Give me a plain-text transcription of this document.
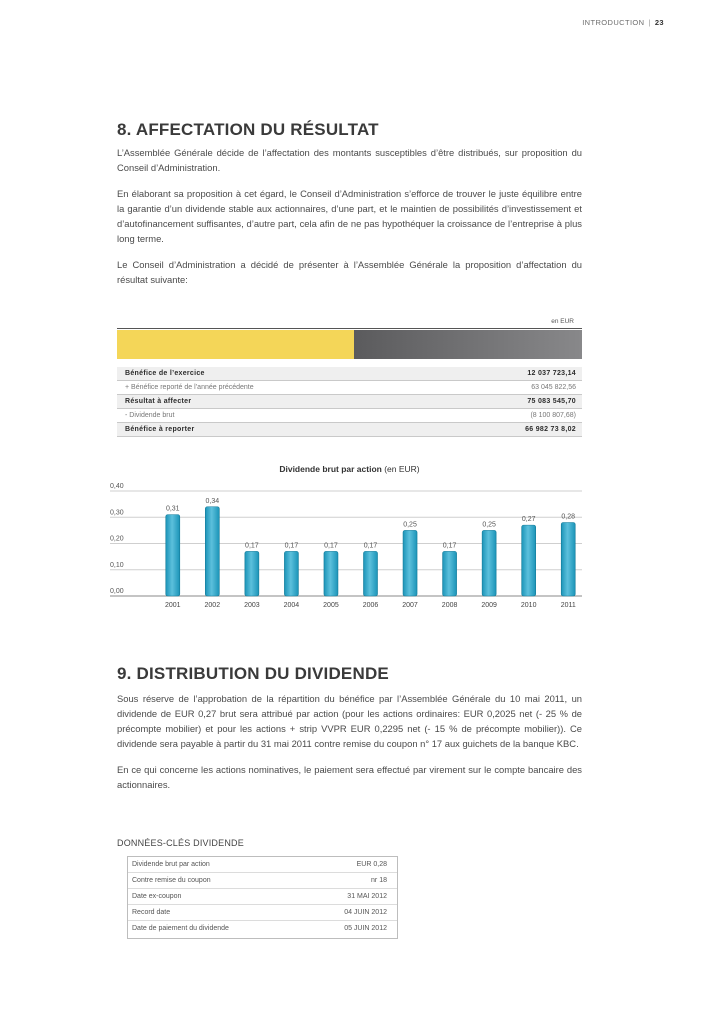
INTRODUCTION | 23
8. AFFECTATION DU RÉSULTAT

L’Assemblée Générale décide de l’affectation des montants susceptibles d’être distribués, sur proposition du Conseil d’Administration.

En élaborant sa proposition à cet égard, le Conseil d’Administration s’efforce de trouver le juste équilibre entre la garantie d’un dividende stable aux actionnaires, d’une part, et le maintien de possibilités d’investissement et d’autofinancement suffisantes, d’autre part, cela afin de ne pas hypothéquer la croissance de l’entreprise à plus long terme.

Le Conseil d’Administration a décidé de présenter à l’Assemblée Générale la proposition d’affectation du résultat suivante:

en EUR
Bénéfice de l’exercice	12 037 723,14
+ Bénéfice reporté de l’année précédente	63 045 822,56
Résultat à affecter	75 083 545,70
- Dividende brut	(8 100 807,68)
Bénéfice à reporter	66 982 73 8,02
Dividende brut par action (en EUR)
0,00
0,10
0,20
0,30
0,40
0,31
2001
0,34
2002
0,17
2003
0,17
2004
0,17
2005
0,17
2006
0,25
2007
0,17
2008
0,25
2009
0,27
2010
0,28
2011
9. DISTRIBUTION DU DIVIDENDE

Sous réserve de l’approbation de la répartition du bénéfice par l’Assemblée Générale du 10 mai 2011, un dividende de EUR 0,27 brut sera attribué par action (pour les actions ordinaires: EUR 0,2025 net (- 25 % de précompte mobilier) et pour les actions + strip VVPR EUR 0,2295 net (- 15 % de précompte mobilier)). Ce dividende sera payable à partir du 31 mai 2011 contre remise du coupon n° 17 aux guichets de la banque KBC.

En ce qui concerne les actions nominatives, le paiement sera effectué par virement sur le compte bancaire des actionnaires.

DONNÉES-CLÉS DIVIDENDE
Dividende brut par action	EUR 0,28
Contre remise du coupon	nr 18
Date ex-coupon	31 MAI 2012
Record date	04 JUIN 2012
Date de paiement du dividende	05 JUIN 2012
